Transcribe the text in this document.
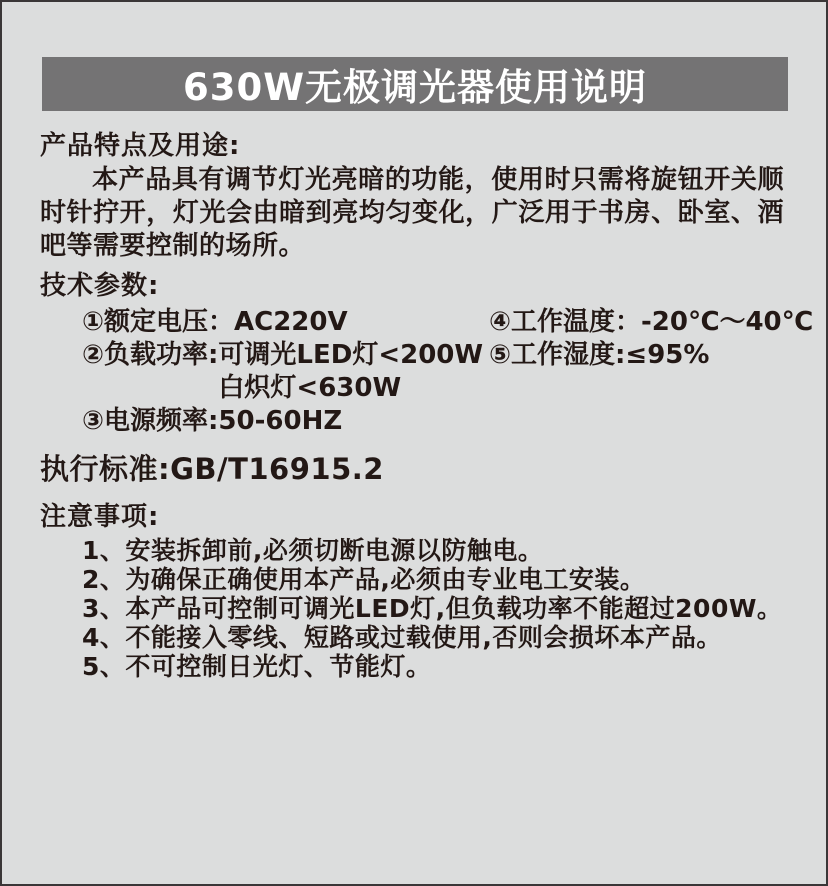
630W无极调光器使用说明
产品特点及用途:
本产品具有调节灯光亮暗的功能，使用时只需将旋钮开关顺时针拧开，灯光会由暗到亮均匀变化，广泛用于书房、卧室、酒吧等需要控制的场所。
技术参数:
①额定电压：AC220V
②负载功率: 可调光LED灯<200W
白炽灯<630W
③电源频率:50-60HZ
④工作温度：-20℃～40℃
⑤工作湿度:≤95%
执行标准:GB/T16915.2
注意事项:
1、安装拆卸前,必须切断电源以防触电。
2、为确保正确使用本产品,必须由专业电工安装。
3、本产品可控制可调光LED灯,但负载功率不能超过200W。
4、不能接入零线、短路或过载使用,否则会损坏本产品。
5、不可控制日光灯、节能灯。
